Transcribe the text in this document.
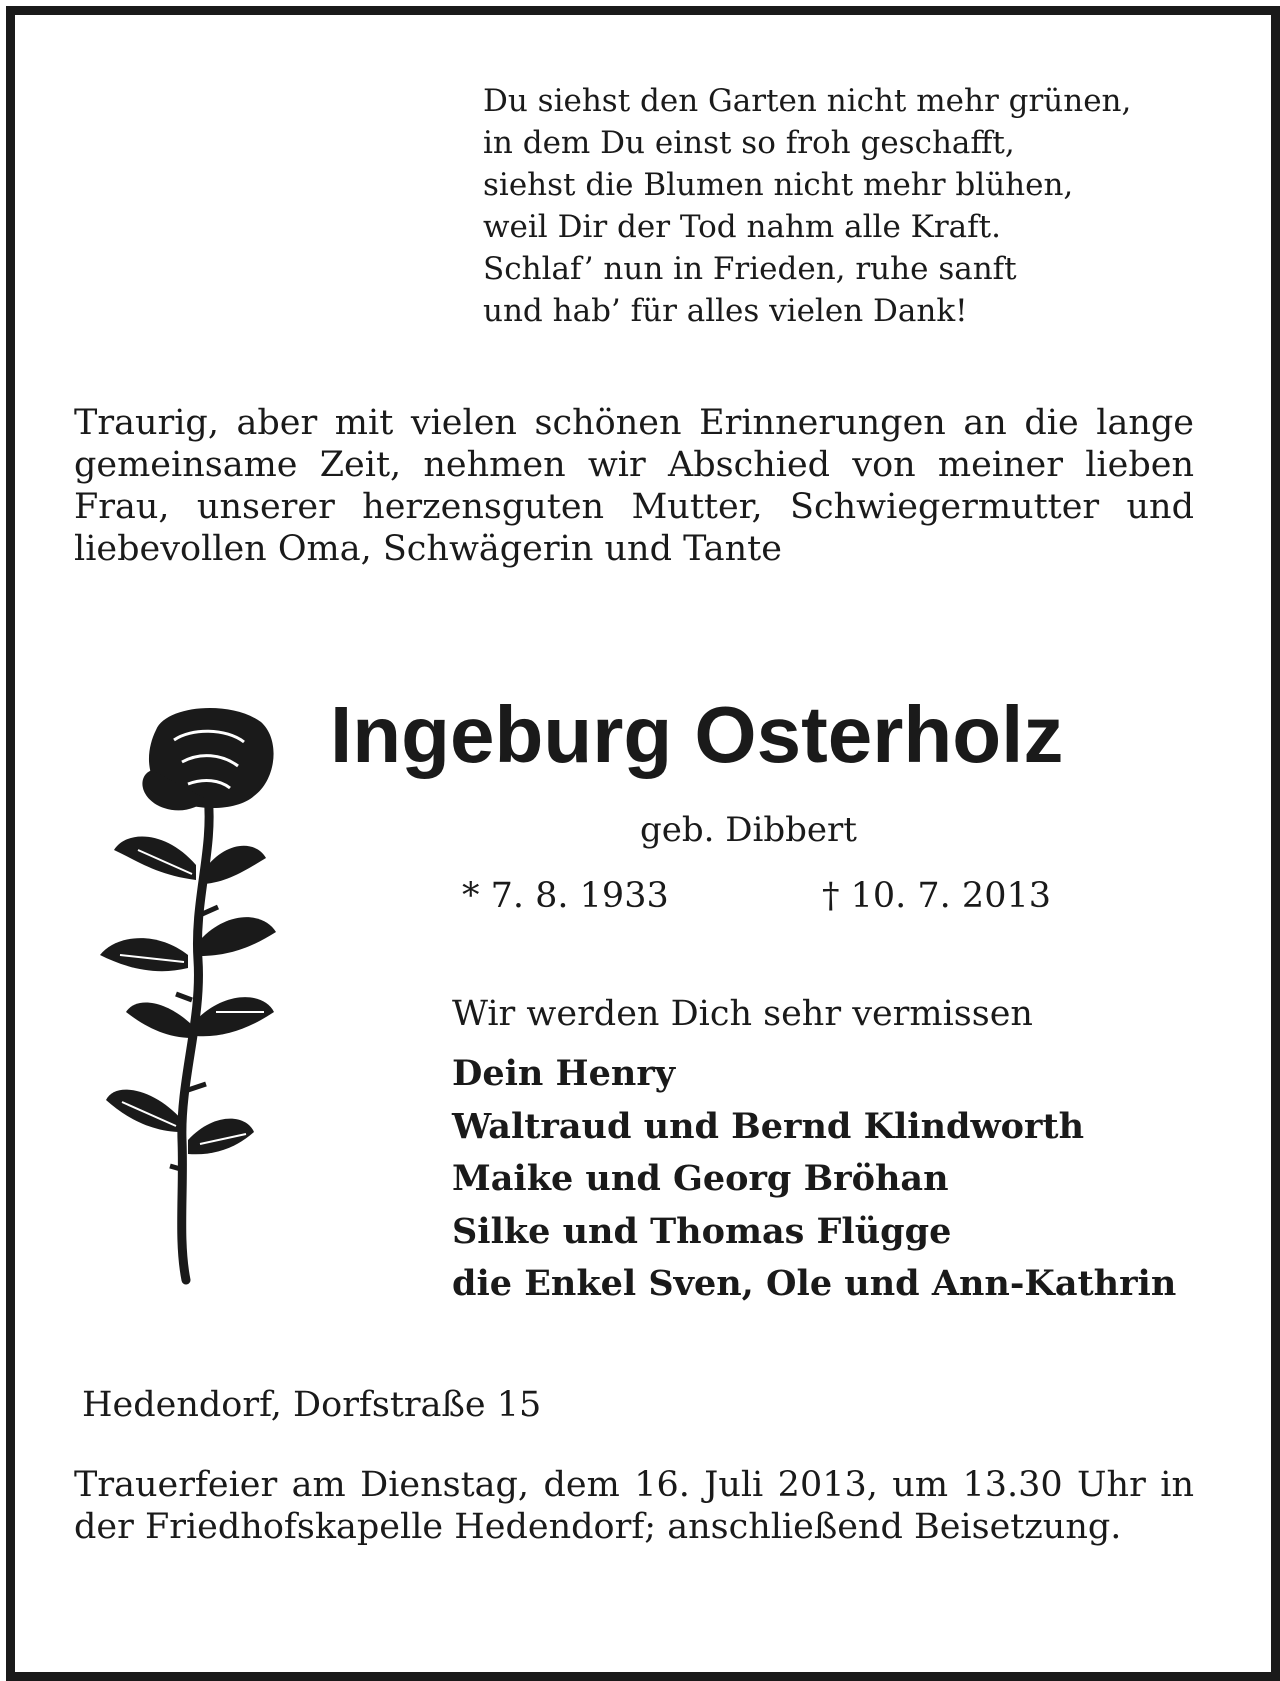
Du siehst den Garten nicht mehr grünen,
in dem Du einst so froh geschafft,
siehst die Blumen nicht mehr blühen,
weil Dir der Tod nahm alle Kraft.
Schlaf’ nun in Frieden, ruhe sanft
und hab’ für alles vielen Dank!
Traurig, aber mit vielen schönen Erinnerungen an die lange gemeinsame Zeit, nehmen wir Abschied von meiner lieben Frau, unserer herzensguten Mutter, Schwiegermutter und liebevollen Oma, Schwägerin und Tante
Ingeburg Osterholz
geb. Dibbert
* 7. 8. 1933	† 10. 7. 2013
Wir werden Dich sehr vermissen
Dein Henry
Waltraud und Bernd Klindworth
Maike und Georg Bröhan
Silke und Thomas Flügge
die Enkel Sven, Ole und Ann-Kathrin
Hedendorf, Dorfstraße 15
Trauerfeier am Dienstag, dem 16. Juli 2013, um 13.30 Uhr in der Friedhofskapelle Hedendorf; anschließend Beisetzung.
